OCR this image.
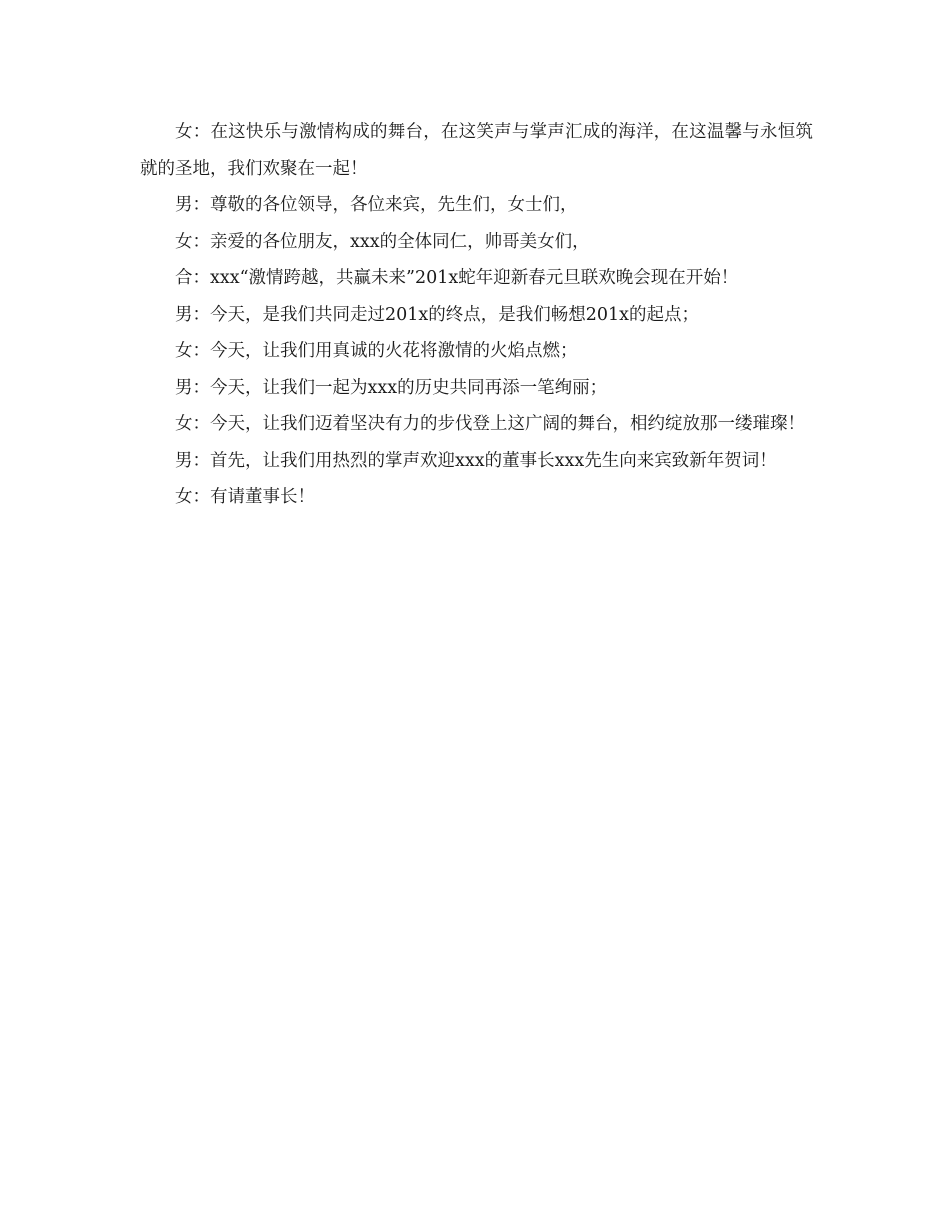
女：在这快乐与激情构成的舞台，在这笑声与掌声汇成的海洋，在这温馨与永恒筑就的圣地，我们欢聚在一起！

男：尊敬的各位领导，各位来宾，先生们，女士们，

女：亲爱的各位朋友，xxx的全体同仁，帅哥美女们，

合：xxx“激情跨越，共赢未来”201x蛇年迎新春元旦联欢晚会现在开始！

男：今天，是我们共同走过201x的终点，是我们畅想201x的起点；

女：今天，让我们用真诚的火花将激情的火焰点燃；

男：今天，让我们一起为xxx的历史共同再添一笔绚丽；

女：今天，让我们迈着坚决有力的步伐登上这广阔的舞台，相约绽放那一缕璀璨！

男：首先，让我们用热烈的掌声欢迎xxx的董事长xxx先生向来宾致新年贺词！

女：有请董事长！
